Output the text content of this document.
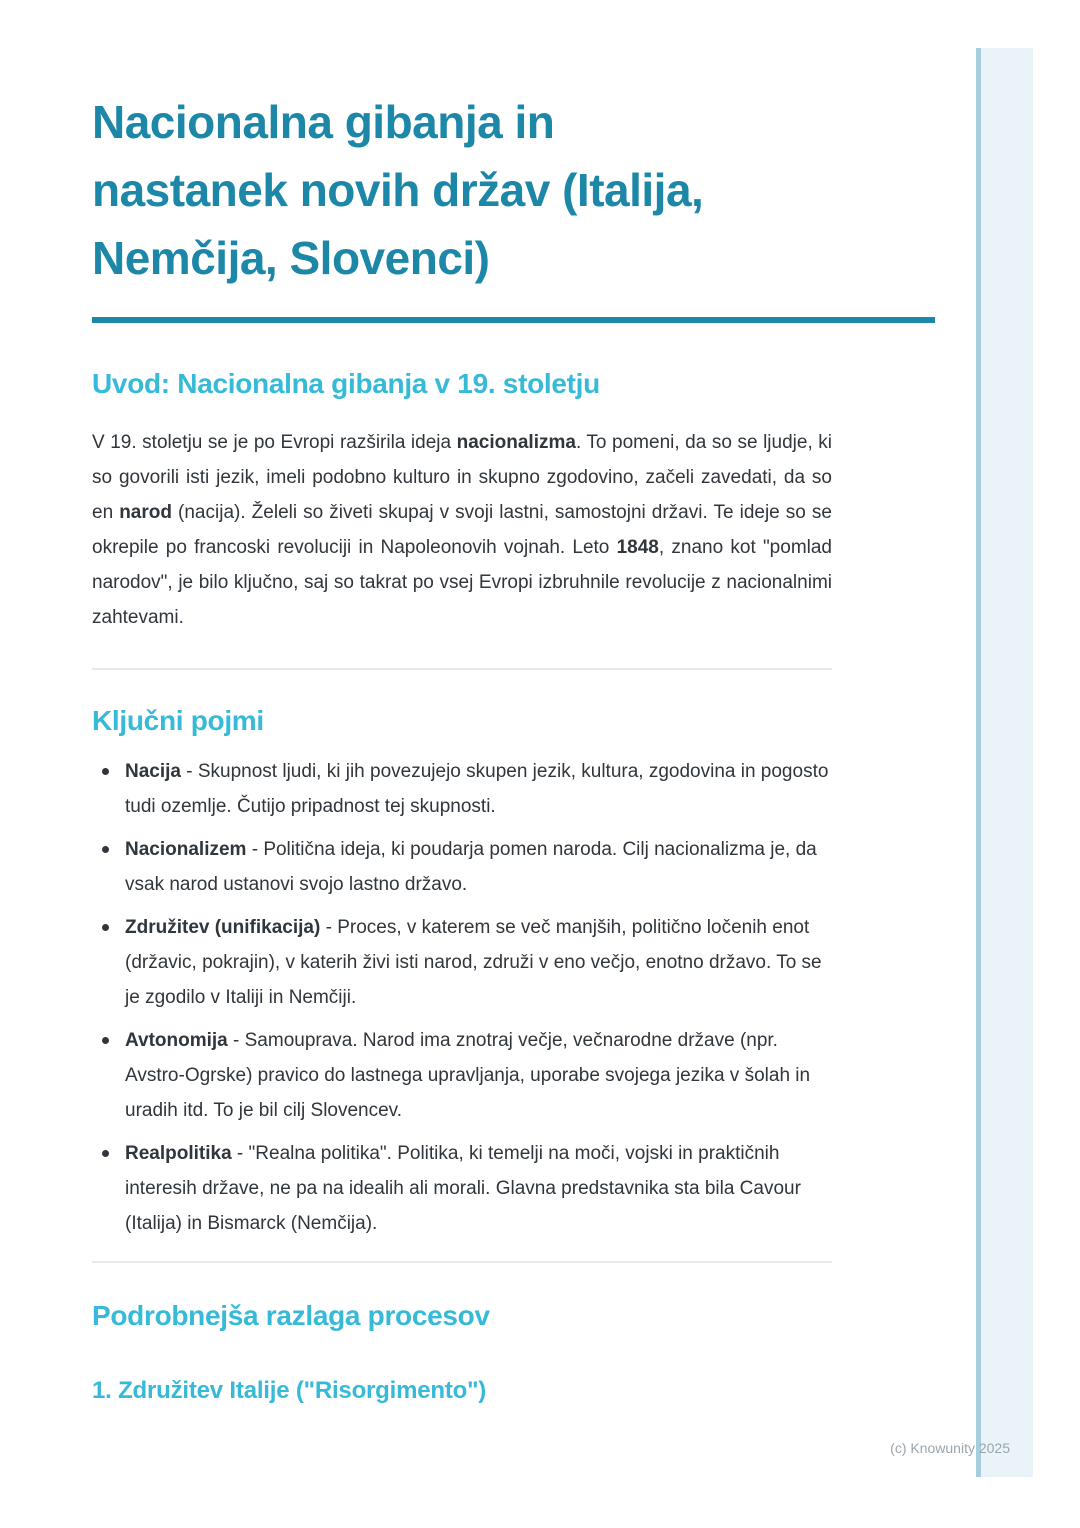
Nacionalna gibanja in
nastanek novih držav (Italija,
Nemčija, Slovenci)
Uvod: Nacionalna gibanja v 19. stoletju

V 19. stoletju se je po Evropi razširila ideja nacionalizma. To pomeni, da so se ljudje, ki so govorili isti jezik, imeli podobno kulturo in skupno zgodovino, začeli zavedati, da so en narod (nacija). Želeli so živeti skupaj v svoji lastni, samostojni državi. Te ideje so se okrepile po francoski revoluciji in Napoleonovih vojnah. Leto 1848, znano kot "pomlad narodov", je bilo ključno, saj so takrat po vsej Evropi izbruhnile revolucije z nacionalnimi zahtevami.

Ključni pojmi
Nacija - Skupnost ljudi, ki jih povezujejo skupen jezik, kultura, zgodovina in pogosto tudi ozemlje. Čutijo pripadnost tej skupnosti.
Nacionalizem - Politična ideja, ki poudarja pomen naroda. Cilj nacionalizma je, da vsak narod ustanovi svojo lastno državo.
Združitev (unifikacija) - Proces, v katerem se več manjših, politično ločenih enot (državic, pokrajin), v katerih živi isti narod, združi v eno večjo, enotno državo. To se je zgodilo v Italiji in Nemčiji.
Avtonomija - Samouprava. Narod ima znotraj večje, večnarodne države (npr. Avstro-Ogrske) pravico do lastnega upravljanja, uporabe svojega jezika v šolah in uradih itd. To je bil cilj Slovencev.
Realpolitika - "Realna politika". Politika, ki temelji na moči, vojski in praktičnih interesih države, ne pa na idealih ali morali. Glavna predstavnika sta bila Cavour (Italija) in Bismarck (Nemčija).
Podrobnejša razlaga procesov
1. Združitev Italije ("Risorgimento")
(c) Knowunity 2025
